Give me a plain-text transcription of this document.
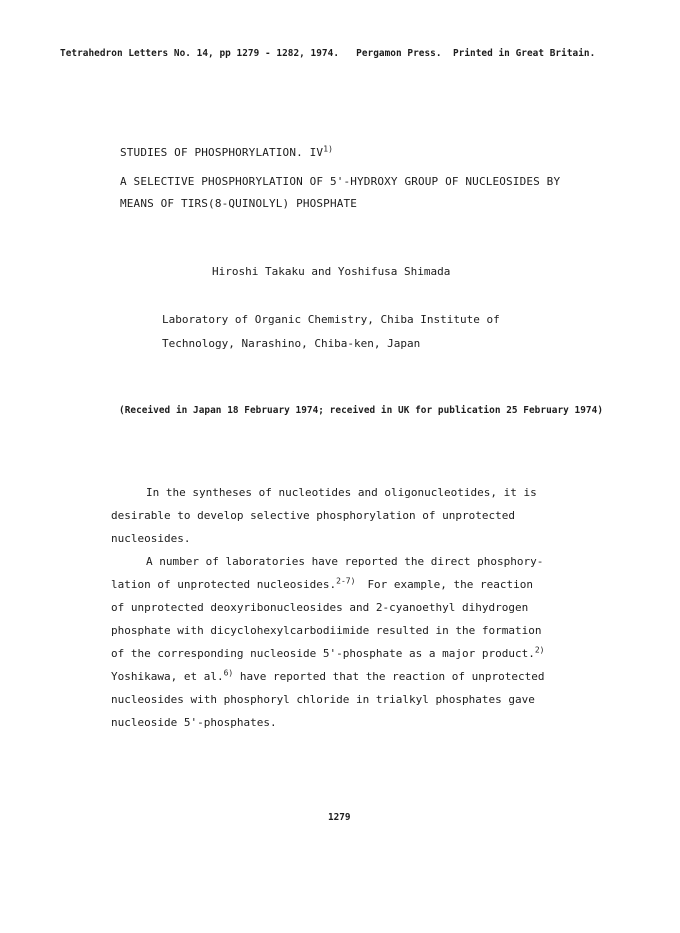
Tetrahedron Letters No. 14, pp 1279 - 1282, 1974. Pergamon Press. Printed in Great Britain.
STUDIES OF PHOSPHORYLATION. IV$^{1)}$
A SELECTIVE PHOSPHORYLATION OF 5'-HYDROXY GROUP OF NUCLEOSIDES BY
MEANS OF TIRS(8-QUINOLYL) PHOSPHATE
Hiroshi Takaku and Yoshifusa Shimada
Laboratory of Organic Chemistry, Chiba Institute of
Technology, Narashino, Chiba-ken, Japan
(Received in Japan 18 February 1974; received in UK for publication 25 February 1974)
In the syntheses of nucleotides and oligonucleotides, it is
desirable to develop selective phosphorylation of unprotected
nucleosides.
A number of laboratories have reported the direct phosphory-
lation of unprotected nucleosides.$^{2-7)}$ For example, the reaction
of unprotected deoxyribonucleosides and 2-cyanoethyl dihydrogen
phosphate with dicyclohexylcarbodiimide resulted in the formation
of the corresponding nucleoside 5'-phosphate as a major product.$^{2)}$
Yoshikawa, et al.$^{6)}$ have reported that the reaction of unprotected
nucleosides with phosphoryl chloride in trialkyl phosphates gave
nucleoside 5'-phosphates.
1279
